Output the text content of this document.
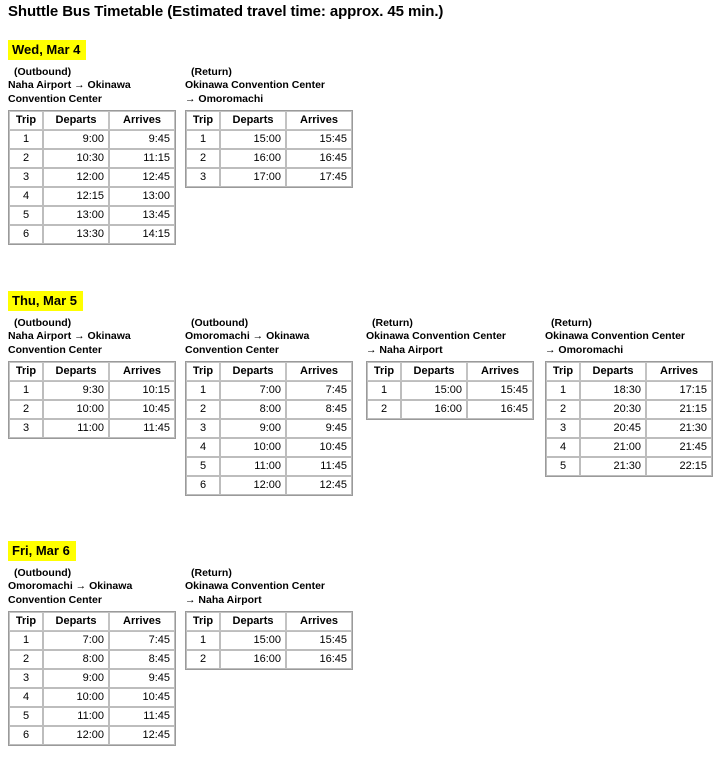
Shuttle Bus Timetable (Estimated travel time: approx. 45 min.)
Wed, Mar 4
(Outbound)
Naha Airport → Okinawa
Convention Center
Trip	Departs	Arrives
1	9:00	9:45
2	10:30	11:15
3	12:00	12:45
4	12:15	13:00
5	13:00	13:45
6	13:30	14:15
(Return)
Okinawa Convention Center
→ Omoromachi
Trip	Departs	Arrives
1	15:00	15:45
2	16:00	16:45
3	17:00	17:45
Thu, Mar 5
(Outbound)
Naha Airport → Okinawa
Convention Center
Trip	Departs	Arrives
1	9:30	10:15
2	10:00	10:45
3	11:00	11:45
(Outbound)
Omoromachi → Okinawa
Convention Center
Trip	Departs	Arrives
1	7:00	7:45
2	8:00	8:45
3	9:00	9:45
4	10:00	10:45
5	11:00	11:45
6	12:00	12:45
(Return)
Okinawa Convention Center
→ Naha Airport
Trip	Departs	Arrives
1	15:00	15:45
2	16:00	16:45
(Return)
Okinawa Convention Center
→ Omoromachi
Trip	Departs	Arrives
1	18:30	17:15
2	20:30	21:15
3	20:45	21:30
4	21:00	21:45
5	21:30	22:15
Fri, Mar 6
(Outbound)
Omoromachi → Okinawa
Convention Center
Trip	Departs	Arrives
1	7:00	7:45
2	8:00	8:45
3	9:00	9:45
4	10:00	10:45
5	11:00	11:45
6	12:00	12:45
(Return)
Okinawa Convention Center
→ Naha Airport
Trip	Departs	Arrives
1	15:00	15:45
2	16:00	16:45
